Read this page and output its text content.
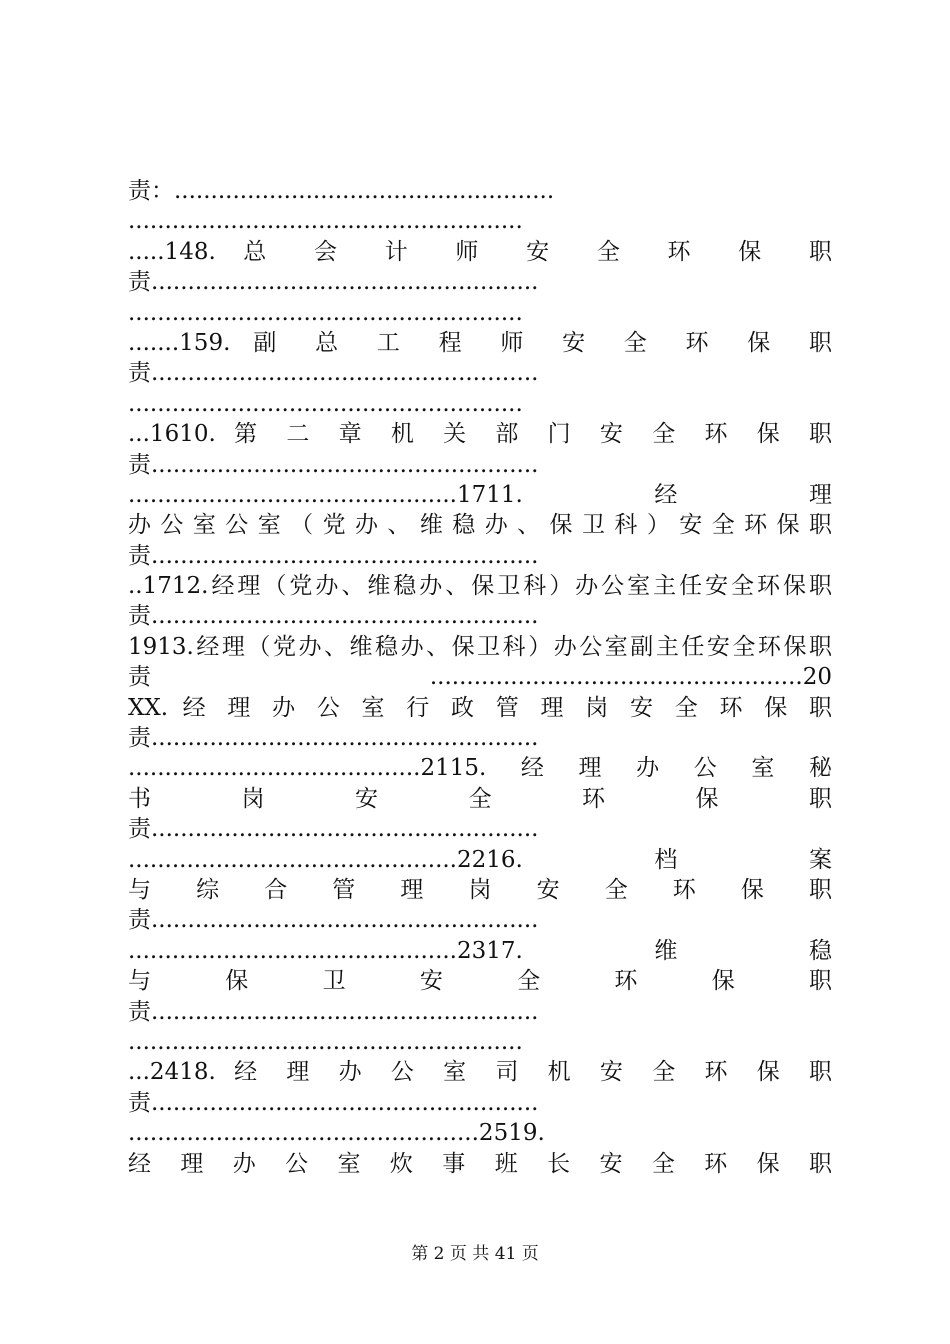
责：....................................................
......................................................
.....148. 总 会 计 师 安 全 环 保 职
责.....................................................
......................................................
.......159. 副 总 工 程 师 安 全 环 保 职
责.....................................................
......................................................
...1610. 第 二 章 机 关 部 门 安 全 环 保 职
责.....................................................
.............................................1711.经理
办 公 室 公 室 （ 党 办 、 维 稳 办 、 保 卫 科 ） 安 全 环 保 职
责.....................................................
..1712.经理（党办、维稳办、保卫科）办公室主任安全环保职
责.....................................................
1913.经理（党办、维稳办、保卫科）办公室副主任安全环保职
责...................................................20
XX. 经 理 办 公 室 行 政 管 理 岗 安 全 环 保 职
责.....................................................
........................................2115.经理办公室秘
书 岗 安 全 环 保 职
责.....................................................
.............................................2216.档案
与 综 合 管 理 岗 安 全 环 保 职
责.....................................................
.............................................2317.维稳
与 保 卫 安 全 环 保 职
责.....................................................
......................................................
...2418. 经 理 办 公 室 司 机 安 全 环 保 职
责.....................................................
................................................2519.
经 理 办 公 室 炊 事 班 长 安 全 环 保 职
第 2 页 共 41 页
